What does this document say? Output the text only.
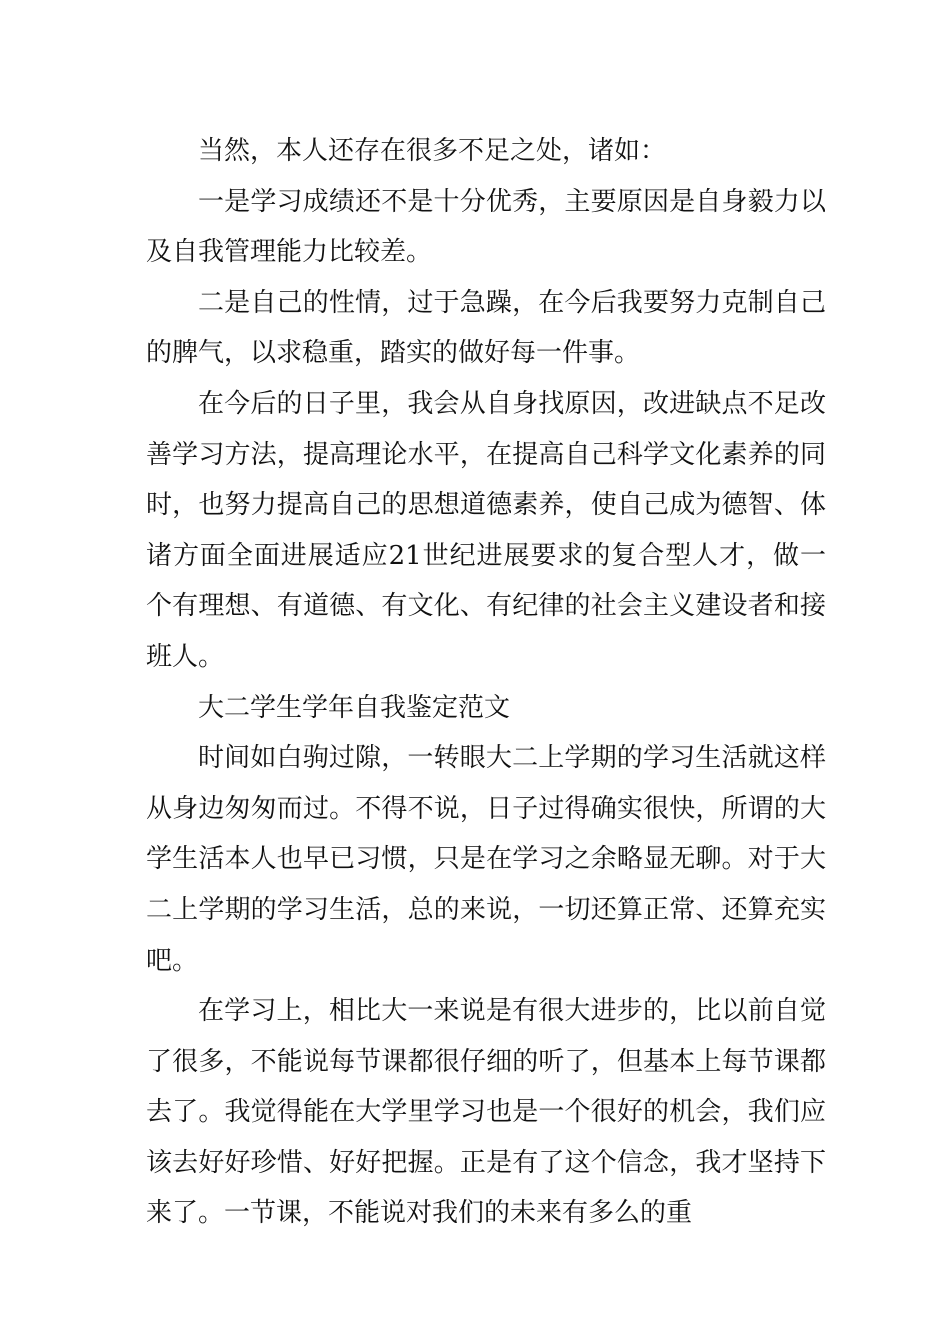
当然，本人还存在很多不足之处，诸如：

一是学习成绩还不是十分优秀，主要原因是自身毅力以及自我管理能力比较差。

二是自己的性情，过于急躁，在今后我要努力克制自己的脾气，以求稳重，踏实的做好每一件事。

在今后的日子里，我会从自身找原因，改进缺点不足改善学习方法，提高理论水平，在提高自己科学文化素养的同时，也努力提高自己的思想道德素养，使自己成为德智、体诸方面全面进展适应21世纪进展要求的复合型人才，做一个有理想、有道德、有文化、有纪律的社会主义建设者和接班人。

大二学生学年自我鉴定范文

时间如白驹过隙，一转眼大二上学期的学习生活就这样从身边匆匆而过。不得不说，日子过得确实很快，所谓的大学生活本人也早已习惯，只是在学习之余略显无聊。对于大二上学期的学习生活，总的来说，一切还算正常、还算充实吧。

在学习上，相比大一来说是有很大进步的，比以前自觉了很多，不能说每节课都很仔细的听了，但基本上每节课都去了。我觉得能在大学里学习也是一个很好的机会，我们应该去好好珍惜、好好把握。正是有了这个信念，我才坚持下来了。一节课，不能说对我们的未来有多么的重
